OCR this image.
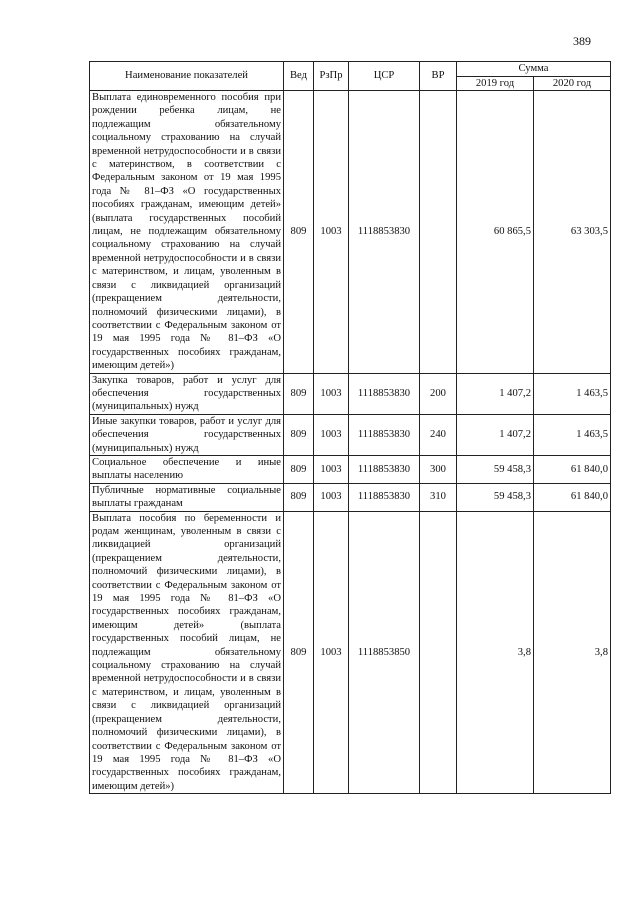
389
Наименование показателей	Вед	РзПр	ЦСР	ВР	Сумма	
					2019 год	2020 год
Выплата единовременного пособия при рождении ребенка лицам, не подлежащим обязательному социальному страхованию на случай временной нетрудоспособности и в связи с материнством, в соответствии с Федеральным законом от 19 мая 1995 года № 81–ФЗ «О государственных пособиях гражданам, имеющим детей» (выплата государственных пособий лицам, не подлежащим обязательному социальному страхованию на случай временной нетрудоспособности и в связи с материнством, и лицам, уволенным в связи с ликвидацией организаций (прекращением деятельности, полномочий физическими лицами), в соответствии с Федеральным законом от 19 мая 1995 года № 81–ФЗ «О государственных пособиях гражданам, имеющим детей»)	809	1003	1118853830		60 865,5	63 303,5
Закупка товаров, работ и услуг для обеспечения государственных (муниципальных) нужд	809	1003	1118853830	200	1 407,2	1 463,5
Иные закупки товаров, работ и услуг для обеспечения государственных (муниципальных) нужд	809	1003	1118853830	240	1 407,2	1 463,5
Социальное обеспечение и иные выплаты населению	809	1003	1118853830	300	59 458,3	61 840,0
Публичные нормативные социальные выплаты гражданам	809	1003	1118853830	310	59 458,3	61 840,0
Выплата пособия по беременности и родам женщинам, уволенным в связи с ликвидацией организаций (прекращением деятельности, полномочий физическими лицами), в соответствии с Федеральным законом от 19 мая 1995 года № 81–ФЗ «О государственных пособиях гражданам, имеющим детей» (выплата государственных пособий лицам, не подлежащим обязательному социальному страхованию на случай временной нетрудоспособности и в связи с материнством, и лицам, уволенным в связи с ликвидацией организаций (прекращением деятельности, полномочий физическими лицами), в соответствии с Федеральным законом от 19 мая 1995 года № 81–ФЗ «О государственных пособиях гражданам, имеющим детей»)	809	1003	1118853850		3,8	3,8
